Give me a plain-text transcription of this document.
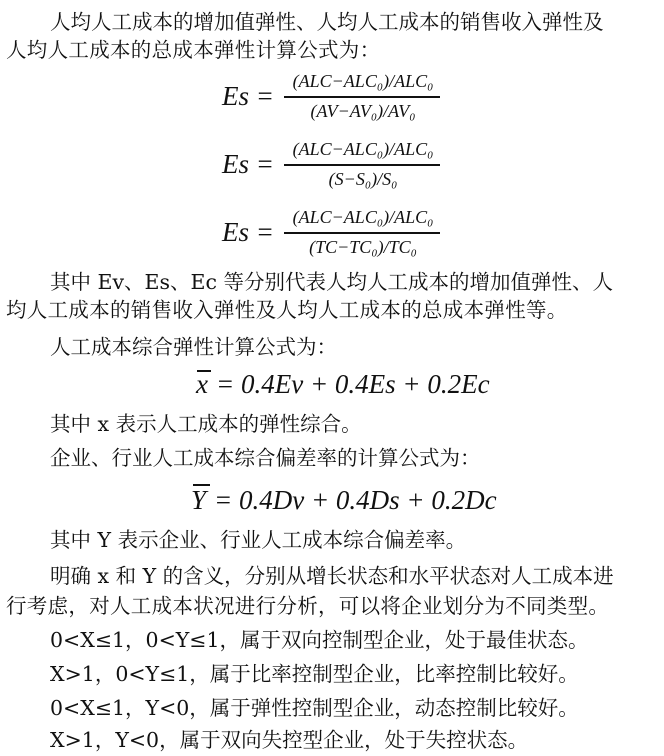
人均人工成本的增加值弹性、人均人工成本的销售收入弹性及
人均人工成本的总成本弹性计算公式为：
Es =	(ALC−ALC₀)/ALC₀
(AV−AV₀)/AV₀
Es =	(ALC−ALC₀)/ALC₀
(S−S₀)/S₀
Es =	(ALC−ALC₀)/ALC₀
(TC−TC₀)/TC₀
其中 Ev、Es、Ec 等分别代表人均人工成本的增加值弹性、人
均人工成本的销售收入弹性及人均人工成本的总成本弹性等。
人工成本综合弹性计算公式为：
x = 0.4Ev + 0.4Es + 0.2Ec
其中 x 表示人工成本的弹性综合。
企业、行业人工成本综合偏差率的计算公式为：
Y = 0.4Dv + 0.4Ds + 0.2Dc
其中 Y 表示企业、行业人工成本综合偏差率。
明确 x 和 Y 的含义，分别从增长状态和水平状态对人工成本进
行考虑，对人工成本状况进行分析，可以将企业划分为不同类型。
0<X≤1，0<Y≤1，属于双向控制型企业，处于最佳状态。
X>1，0<Y≤1，属于比率控制型企业，比率控制比较好。
0<X≤1，Y<0，属于弹性控制型企业，动态控制比较好。
X>1，Y<0，属于双向失控型企业，处于失控状态。
